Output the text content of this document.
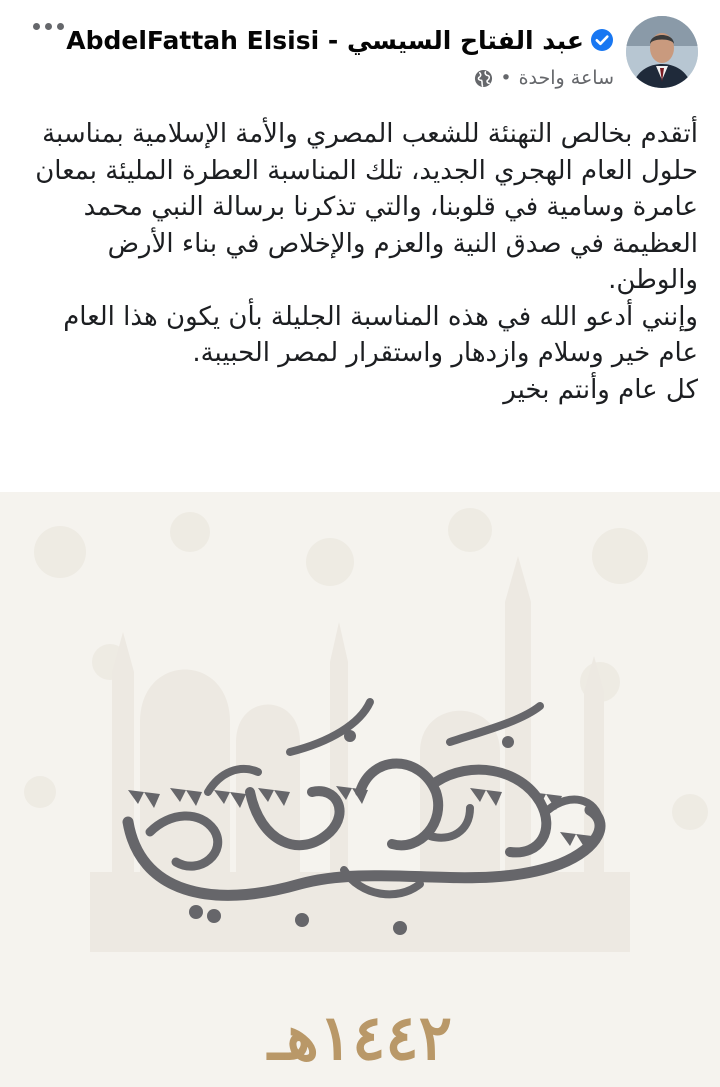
AbdelFattah Elsisi - عبد الفتاح السيسي
ساعة واحدة
•
أتقدم بخالص التهنئة للشعب المصري والأمة الإسلامية بمناسبة حلول العام الهجري الجديد، تلك المناسبة العطرة المليئة بمعان عامرة وسامية في قلوبنا، والتي تذكرنا برسالة النبي محمد العظيمة في صدق النية والعزم والإخلاص في بناء الأرض والوطن.
وإنني أدعو الله في هذه المناسبة الجليلة بأن يكون هذا العام عام خير وسلام وازدهار واستقرار لمصر الحبيبة.
كل عام وأنتم بخير
١٤٤٢هـ
